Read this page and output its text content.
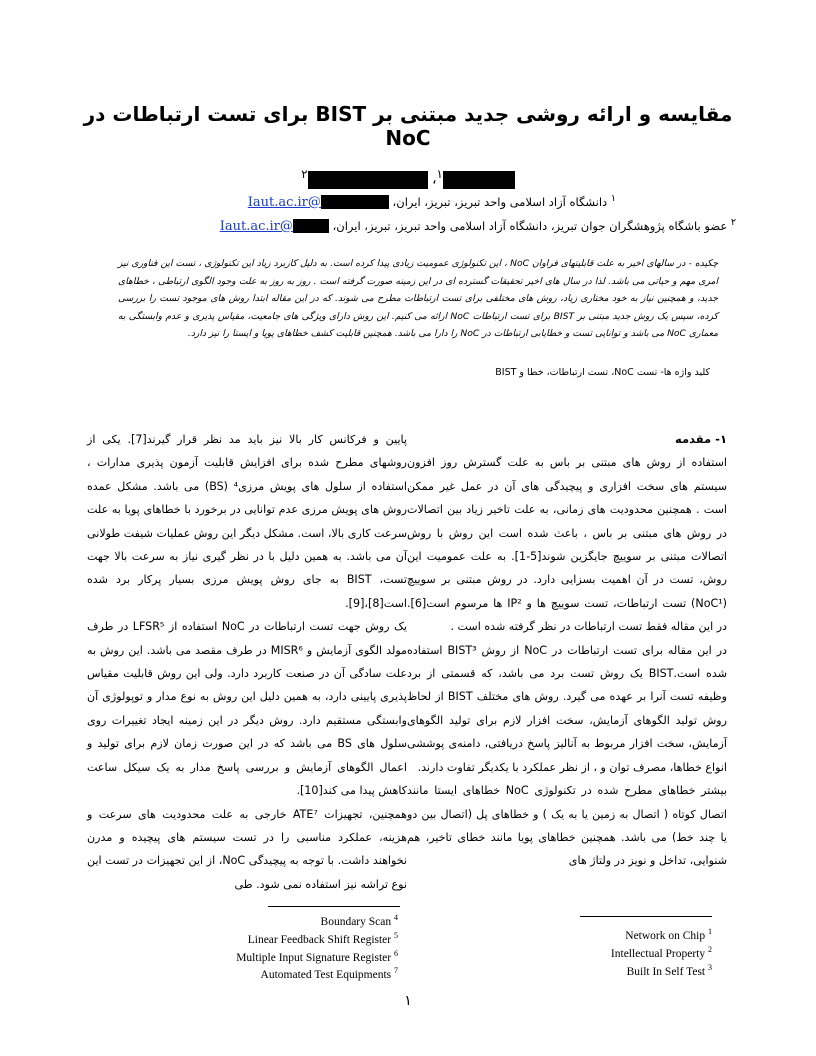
مقایسه و ارائه روشی جدید مبتنی بر BIST برای تست ارتباطات در NoC
$^۱$، $^۲$
$^۱$ دانشگاه آزاد اسلامی واحد تبریز، تبریز، ایران، @Iaut.ac.ir
$^۲$ عضو باشگاه پژوهشگران جوان تبریز، دانشگاه آزاد اسلامی واحد تبریز، تبریز، ایران، @Iaut.ac.ir
چکیده - در سالهای اخیر به علت قابلیتهای فراوان NoC ، این تکنولوژی عمومیت زیادی پیدا کرده است. به دلیل کاربرد زیاد این تکنولوژی ، تست این فناوری نیز امری مهم و حیاتی می باشد. لذا در سال های اخیر تحقیقات گسترده ای در این زمینه صورت گرفته است . روز به روز به علت وجود الگوی ارتباطی ، خطاهای جدید، و همچنین نیاز به خود مختاری زیاد، روش های مختلفی برای تست ارتباطات مطرح می شوند. که در این مقاله ابتدا روش های موجود تست را بررسی کرده، سپس یک روش جدید مبتنی بر BIST برای تست ارتباطات NoC ارائه می کنیم. این روش دارای ویژگی های جامعیت، مقیاس پذیری و عدم وابستگی به معماری NoC می باشد و توانایی تست و خطایابی ارتباطات در NoC را دارا می باشد. همچنین قابلیت کشف خطاهای پویا و ایستا را نیز دارد.
کلید واژه ها- تست NoC، تست ارتباطات، خطا و BIST

۱- مقدمه

استفاده از روش های مبتنی بر باس به علت گسترش روز افزون سیستم های سخت افزاری و پیچیدگی های آن در عمل غیر ممکن است . همچنین محدودیت های زمانی، به علت تاخیر زیاد بین اتصالات در روش های مبتنی بر باس ، باعث شده است این روش با روش اتصالات مبتنی بر سوییچ جایگزین شوند[5-1]. به علت عمومیت این روش، تست در آن اهمیت بسزایی دارد. در روش مبتنی بر سوییچ (NoC¹) تست ارتباطات، تست سوییچ ها و IP² ها مرسوم است[6]. در این مقاله فقط تست ارتباطات در نظر گرفته شده است .

در این مقاله برای تست ارتباطات در NoC از روش BIST³ استفاده شده است.BIST یک روش تست برد می باشد، که قسمتی از برد وظیفه تست آنرا بر عهده می گیرد. روش های مختلف BIST از لحاظ روش تولید الگوهای آزمایش، سخت افزار لازم برای تولید الگوهای آزمایش، سخت افزار مربوط به آنالیز پاسخ دریافتی، دامنه‌ی پوششی انواع خطاها، مصرف توان و ، از نظر عملکرد با یکدیگر تفاوت دارند.

بیشتر خطاهای مطرح شده در تکنولوژی NoC خطاهای ایستا مانند اتصال کوتاه ( اتصال به زمین یا به یک ) و خطاهای پل (اتصال بین دو یا چند خط) می باشد. همچنین خطاهای پویا مانند خطای تاخیر، هم شنوایی، تداخل و نویز در ولتاژ های

پایین و فرکانس کار بالا نیز باید مد نظر قرار گیرند[7]. یکی از روشهای مطرح شده برای افزایش قابلیت آزمون پذیری مدارات ، استفاده از سلول های پویش مرزی⁴ (BS) می باشد. مشکل عمده روش های پویش مرزی عدم توانایی در برخورد با خطاهای پویا به علت سرعت کاری بالا، است. مشکل دیگر این روش عملیات شیفت طولانی آن می باشد. به همین دلیل با در نظر گیری نیاز به سرعت بالا جهت تست، BIST به جای روش پویش مرزی بسیار پرکار برد شده است[8]،[9].

یک روش جهت تست ارتباطات در NoC استفاده از LFSR⁵ در طرف مولد الگوی آزمایش و MISR⁶ در طرف مقصد می باشد. این روش به علت سادگی آن در صنعت کاربرد دارد. ولی این روش قابلیت مقیاس پذیری پایینی دارد، به همین دلیل این روش به نوع مدار و توپولوژی آن وابستگی مستقیم دارد. روش دیگر در این زمینه ایجاد تغییرات روی سلول های BS می باشد که در این صورت زمان لازم برای تولید و اعمال الگوهای آزمایش و بررسی پاسخ مدار به یک سیکل ساعت کاهش پیدا می کند[10].

همچنین، تجهیزات ATE⁷ خارجی به علت محدودیت های سرعت و هزینه، عملکرد مناسبی را در تست سیستم های پیچیده و مدرن نخواهند داشت. با توجه به پیچیدگی NoC، از این تجهیزات در تست این نوع تراشه نیز استفاده نمی شود. طی

Boundary Scan $^4$
Linear Feedback Shift Register $^5$
Multiple Input Signature Register $^6$
Automated Test Equipments $^7$
Network on Chip $^1$
Intellectual Property $^2$
Built In Self Test $^3$
۱
